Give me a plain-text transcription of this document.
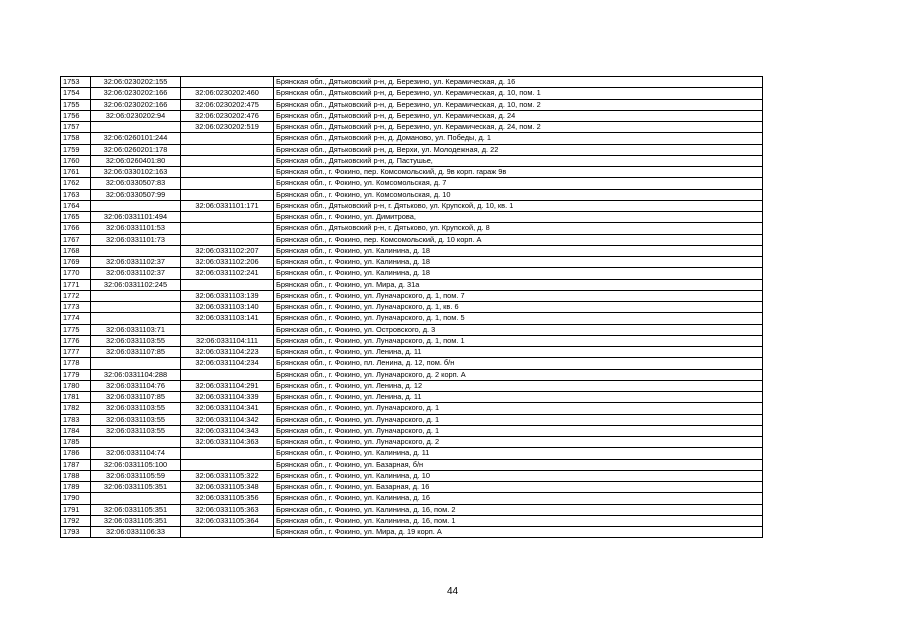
1753	32:06:0230202:155		Брянская обл., Дятьковский р-н, д. Березино, ул. Керамическая, д. 16
1754	32:06:0230202:166	32:06:0230202:460	Брянская обл., Дятьковский р-н, д. Березино, ул. Керамическая, д. 10, пом. 1
1755	32:06:0230202:166	32:06:0230202:475	Брянская обл., Дятьковский р-н, д. Березино, ул. Керамическая, д. 10, пом. 2
1756	32:06:0230202:94	32:06:0230202:476	Брянская обл., Дятьковский р-н, д. Березино, ул. Керамическая, д. 24
1757		32:06:0230202:519	Брянская обл., Дятьковский р-н, д. Березино, ул. Керамическая, д. 24, пом. 2
1758	32:06:0260101:244		Брянская обл., Дятьковский р-н, д. Доманово, ул. Победы, д. 1
1759	32:06:0260201:178		Брянская обл., Дятьковский р-н, д. Верхи, ул. Молодежная, д. 22
1760	32:06:0260401:80		Брянская обл., Дятьковский р-н, д. Пастушье,
1761	32:06:0330102:163		Брянская обл., г. Фокино, пер. Комсомольский, д. 9в корп. гараж 9в
1762	32:06:0330507:83		Брянская обл., г. Фокино, ул. Комсомольская, д. 7
1763	32:06:0330507:99		Брянская обл., г. Фокино, ул. Комсомольская, д. 10
1764		32:06:0331101:171	Брянская обл., Дятьковский р-н, г. Дятьково, ул. Крупской, д. 10, кв. 1
1765	32:06:0331101:494		Брянская обл., г. Фокино, ул. Димитрова,
1766	32:06:0331101:53		Брянская обл., Дятьковский р-н, г. Дятьково, ул. Крупской, д. 8
1767	32:06:0331101:73		Брянская обл., г. Фокино, пер. Комсомольский, д. 10 корп. А
1768		32:06:0331102:207	Брянская обл., г. Фокино, ул. Калинина, д. 18
1769	32:06:0331102:37	32:06:0331102:206	Брянская обл., г. Фокино, ул. Калинина, д. 18
1770	32:06:0331102:37	32:06:0331102:241	Брянская обл., г. Фокино, ул. Калинина, д. 18
1771	32:06:0331102:245		Брянская обл., г. Фокино, ул. Мира, д. 31а
1772		32:06:0331103:139	Брянская обл., г. Фокино, ул. Луначарского, д. 1, пом. 7
1773		32:06:0331103:140	Брянская обл., г. Фокино, ул. Луначарского, д. 1, кв. 6
1774		32:06:0331103:141	Брянская обл., г. Фокино, ул. Луначарского, д. 1, пом. 5
1775	32:06:0331103:71		Брянская обл., г. Фокино, ул. Островского, д. 3
1776	32:06:0331103:55	32:06:0331104:111	Брянская обл., г. Фокино, ул. Луначарского, д. 1, пом. 1
1777	32:06:0331107:85	32:06:0331104:223	Брянская обл., г. Фокино, ул. Ленина, д. 11
1778		32:06:0331104:234	Брянская обл., г. Фокино, пл. Ленина, д. 12, пом. б/н
1779	32:06:0331104:288		Брянская обл., г. Фокино, ул. Луначарского, д. 2 корп. А
1780	32:06:0331104:76	32:06:0331104:291	Брянская обл., г. Фокино, ул. Ленина, д. 12
1781	32:06:0331107:85	32:06:0331104:339	Брянская обл., г. Фокино, ул. Ленина, д. 11
1782	32:06:0331103:55	32:06:0331104:341	Брянская обл., г. Фокино, ул. Луначарского, д. 1
1783	32:06:0331103:55	32:06:0331104:342	Брянская обл., г. Фокино, ул. Луначарского, д. 1
1784	32:06:0331103:55	32:06:0331104:343	Брянская обл., г. Фокино, ул. Луначарского, д. 1
1785		32:06:0331104:363	Брянская обл., г. Фокино, ул. Луначарского, д. 2
1786	32:06:0331104:74		Брянская обл., г. Фокино, ул. Калинина, д. 11
1787	32:06:0331105:100		Брянская обл., г. Фокино, ул. Базарная, б/н
1788	32:06:0331105:59	32:06:0331105:322	Брянская обл., г. Фокино, ул. Калинина, д. 10
1789	32:06:0331105:351	32:06:0331105:348	Брянская обл., г. Фокино, ул. Базарная, д. 16
1790		32:06:0331105:356	Брянская обл., г. Фокино, ул. Калинина, д. 16
1791	32:06:0331105:351	32:06:0331105:363	Брянская обл., г. Фокино, ул. Калинина, д. 16, пом. 2
1792	32:06:0331105:351	32:06:0331105:364	Брянская обл., г. Фокино, ул. Калинина, д. 16, пом. 1
1793	32:06:0331106:33		Брянская обл., г. Фокино, ул. Мира, д. 19 корп. А
44
